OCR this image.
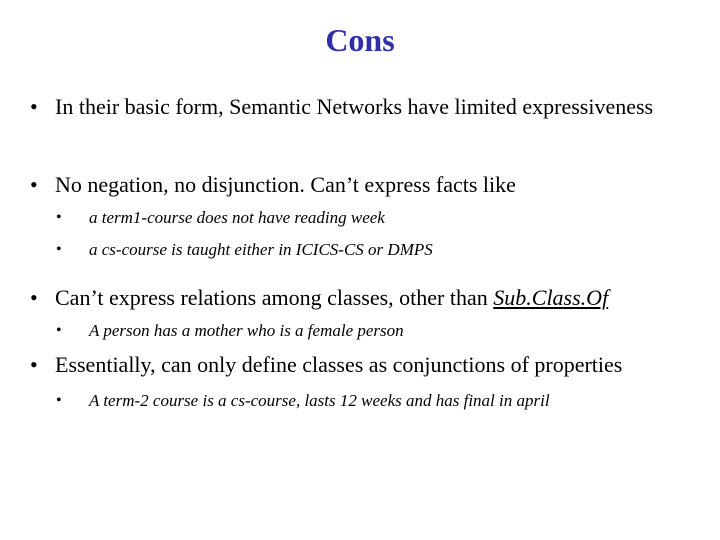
Cons
• In their basic form, Semantic Networks have limited expressiveness
• No negation, no disjunction. Can’t express facts like
• a term1-course does not have reading week
• a cs-course is taught either in ICICS-CS or DMPS
• Can’t express relations among classes, other than Sub.Class.Of
• A person has a mother who is a female person
• Essentially, can only define classes as conjunctions of properties
• A term-2 course is a cs-course, lasts 12 weeks and has final in april
